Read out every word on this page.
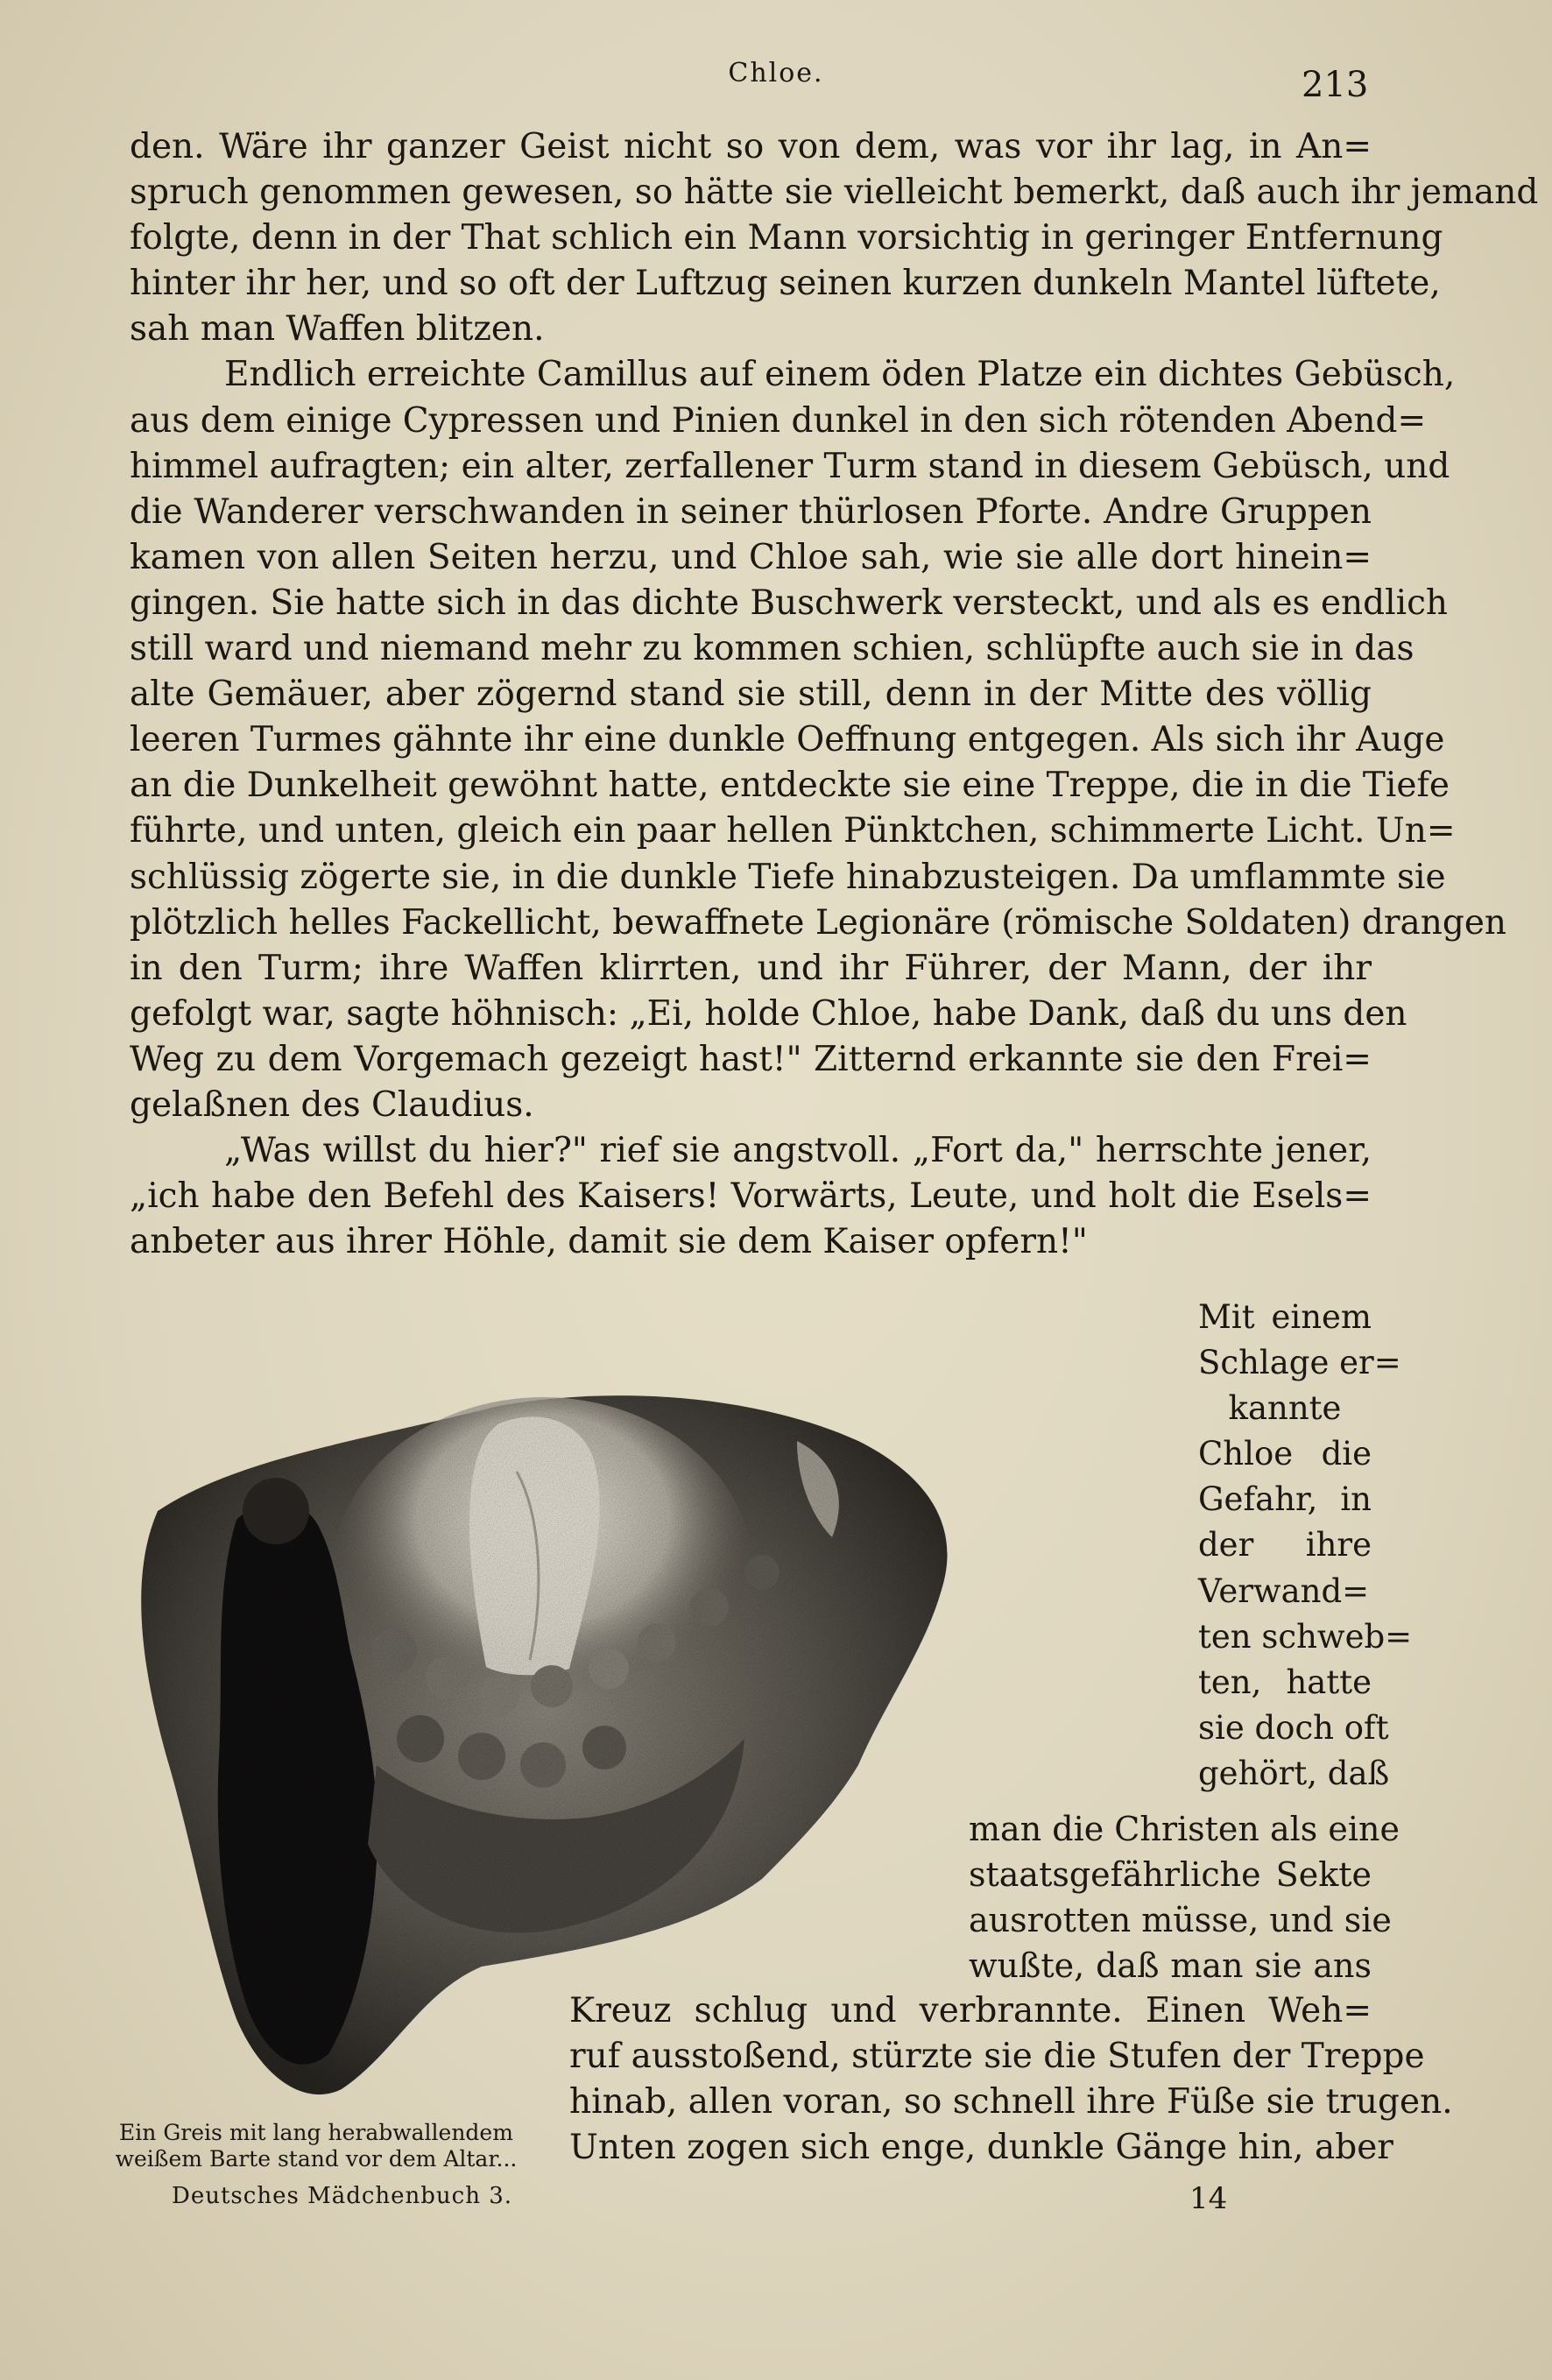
Chloe.	213
den. Wäre ihr ganzer Geist nicht so von dem, was vor ihr lag, in An=
spruch genommen gewesen, so hätte sie vielleicht bemerkt, daß auch ihr jemand
folgte, denn in der That schlich ein Mann vorsichtig in geringer Entfernung
hinter ihr her, und so oft der Luftzug seinen kurzen dunkeln Mantel lüftete,
sah man Waffen blitzen.
Endlich erreichte Camillus auf einem öden Platze ein dichtes Gebüsch,
aus dem einige Cypressen und Pinien dunkel in den sich rötenden Abend=
himmel aufragten; ein alter, zerfallener Turm stand in diesem Gebüsch, und
die Wanderer verschwanden in seiner thürlosen Pforte. Andre Gruppen
kamen von allen Seiten herzu, und Chloe sah, wie sie alle dort hinein=
gingen. Sie hatte sich in das dichte Buschwerk versteckt, und als es endlich
still ward und niemand mehr zu kommen schien, schlüpfte auch sie in das
alte Gemäuer, aber zögernd stand sie still, denn in der Mitte des völlig
leeren Turmes gähnte ihr eine dunkle Oeffnung entgegen. Als sich ihr Auge
an die Dunkelheit gewöhnt hatte, entdeckte sie eine Treppe, die in die Tiefe
führte, und unten, gleich ein paar hellen Pünktchen, schimmerte Licht. Un=
schlüssig zögerte sie, in die dunkle Tiefe hinabzusteigen. Da umflammte sie
plötzlich helles Fackellicht, bewaffnete Legionäre (römische Soldaten) drangen
in den Turm; ihre Waffen klirrten, und ihr Führer, der Mann, der ihr
gefolgt war, sagte höhnisch: „Ei, holde Chloe, habe Dank, daß du uns den
Weg zu dem Vorgemach gezeigt hast!" Zitternd erkannte sie den Frei=
gelaßnen des Claudius.
„Was willst du hier?" rief sie angstvoll. „Fort da," herrschte jener,
„ich habe den Befehl des Kaisers! Vorwärts, Leute, und holt die Esels=
anbeter aus ihrer Höhle, damit sie dem Kaiser opfern!"
Mit einem
Schlage er=
kannte
Chloe die
Gefahr, in
der ihre
Verwand=
ten schweb=
ten, hatte
sie doch oft
gehört, daß
man die Christen als eine
staatsgefährliche Sekte
ausrotten müsse, und sie
wußte, daß man sie ans
Kreuz schlug und verbrannte. Einen Weh=
ruf ausstoßend, stürzte sie die Stufen der Treppe
hinab, allen voran, so schnell ihre Füße sie trugen.
Unten zogen sich enge, dunkle Gänge hin, aber
Ein Greis mit lang herabwallendem
weißem Barte stand vor dem Altar...
Deutsches Mädchenbuch 3.	14
